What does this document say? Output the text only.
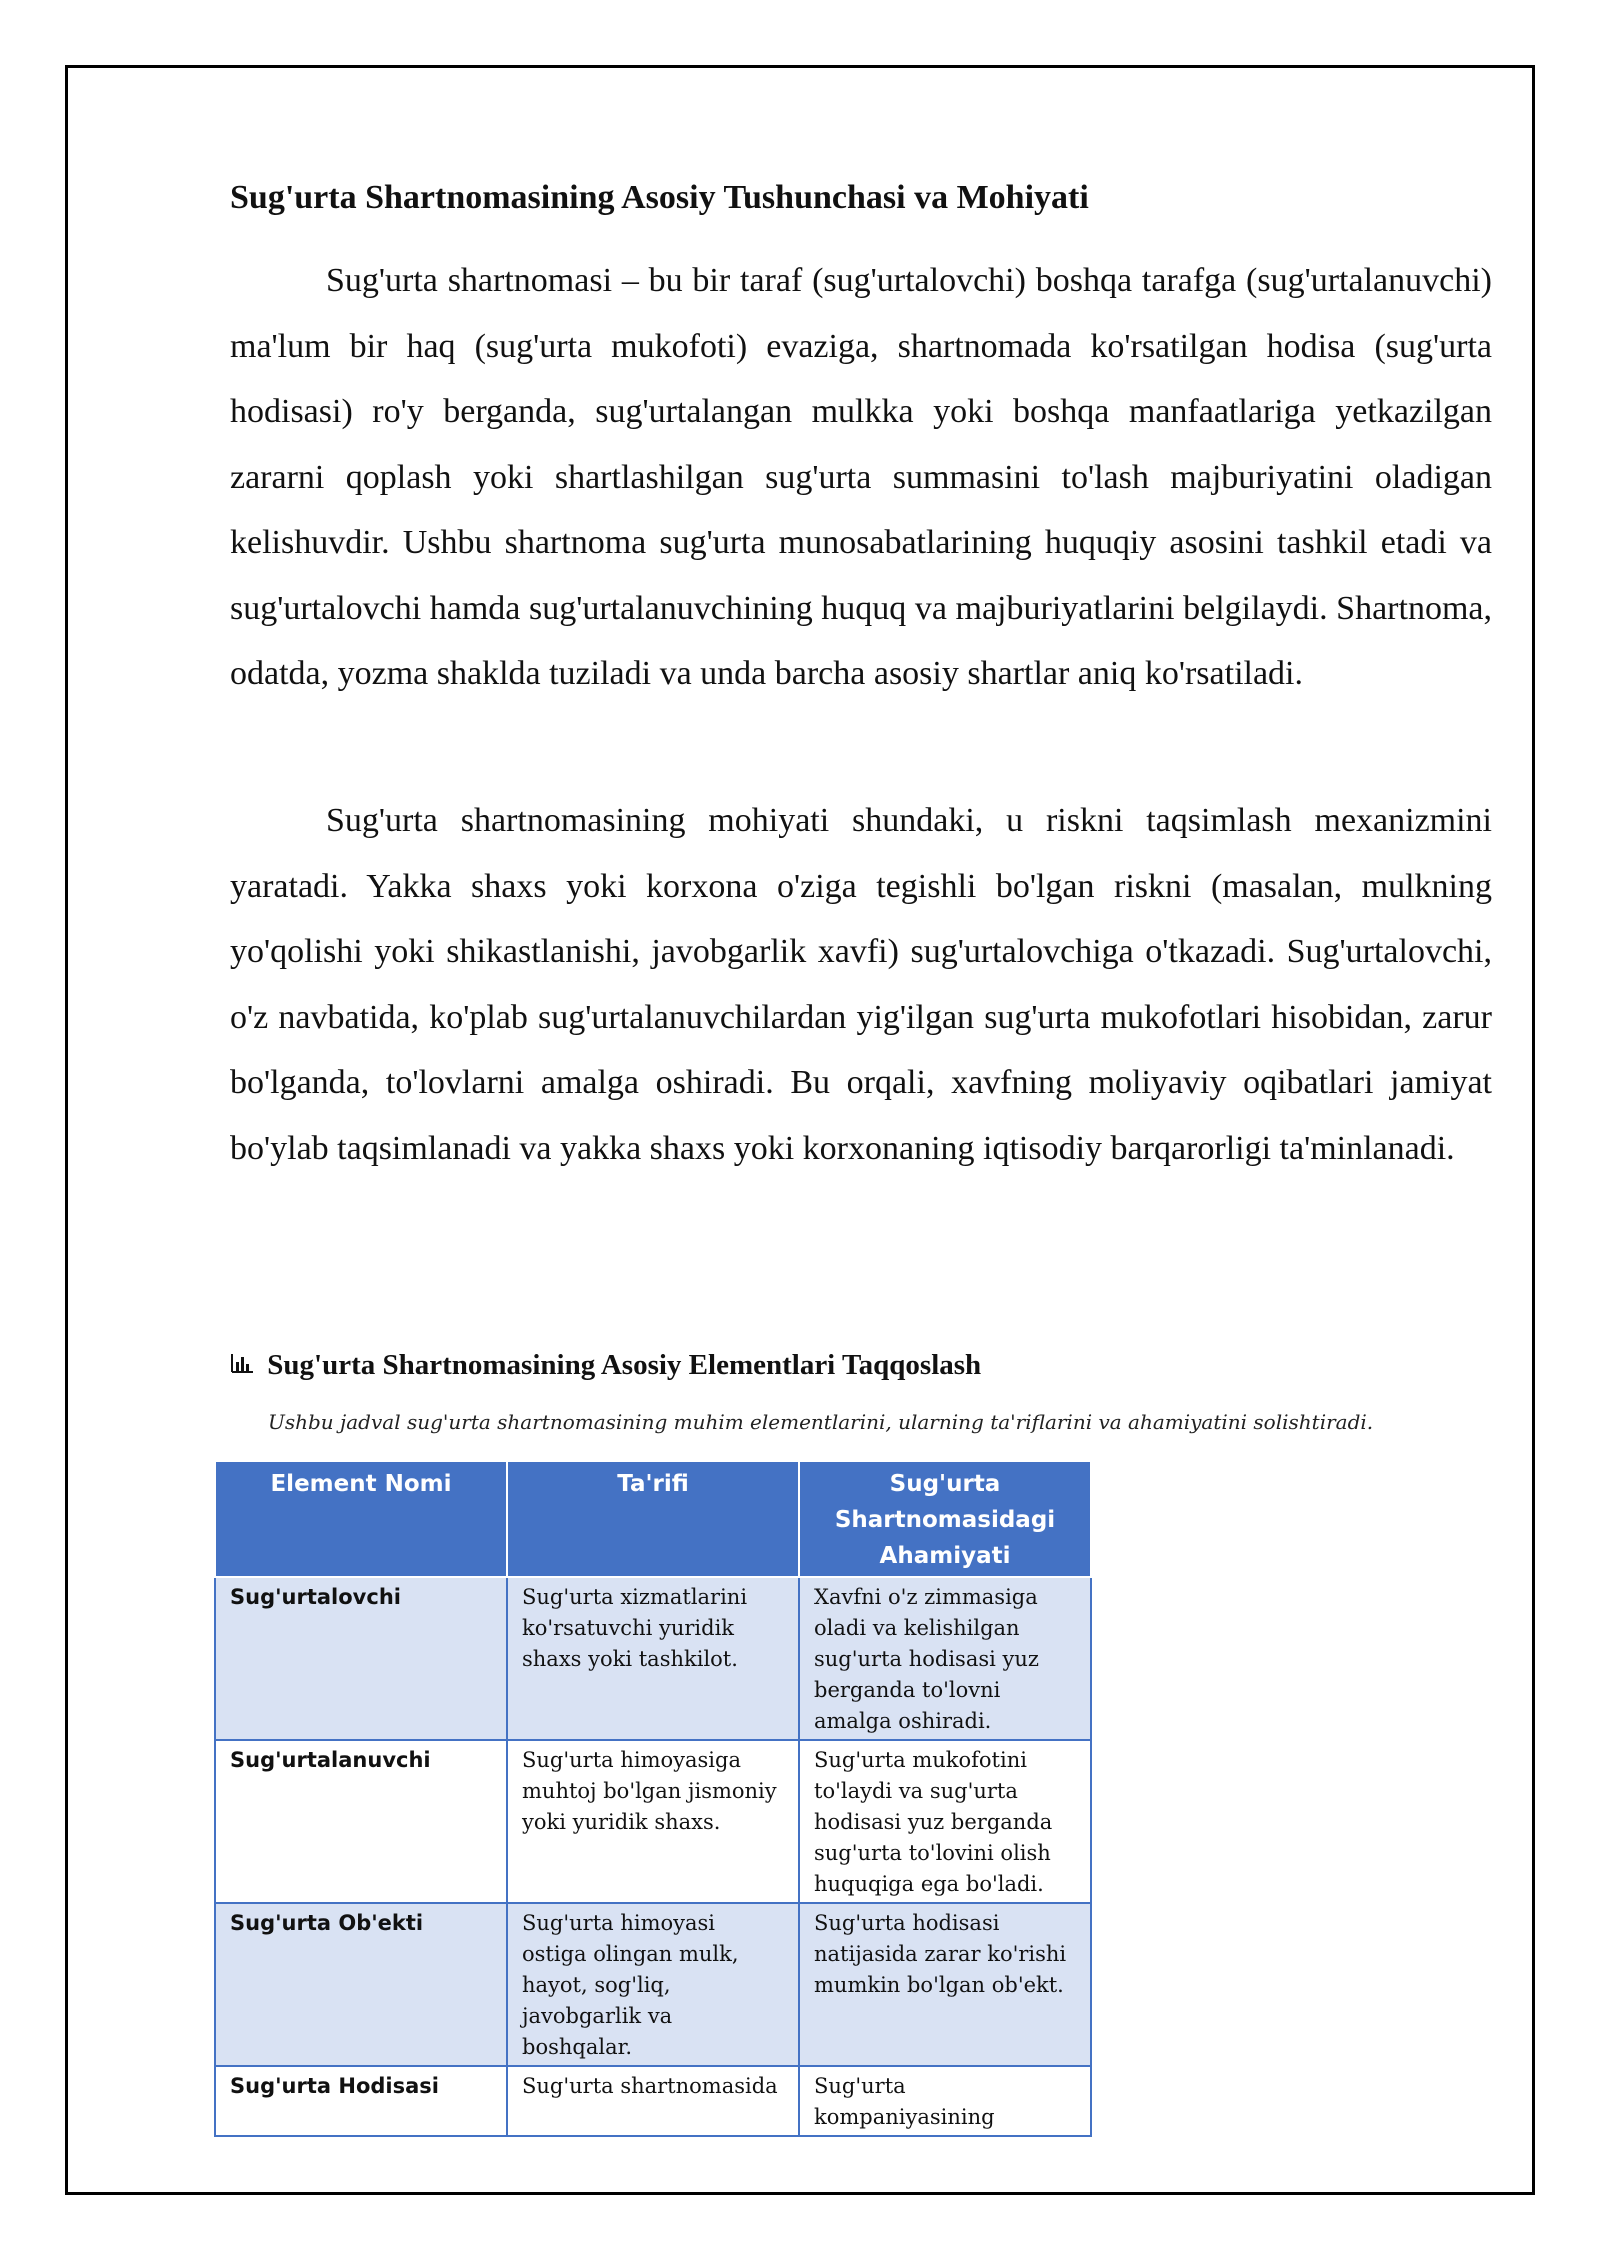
Sug'urta Shartnomasining Asosiy Tushunchasi va Mohiyati

Sug'urta shartnomasi – bu bir taraf (sug'urtalovchi) boshqa tarafga (sug'urtalanuvchi) ma'lum bir haq (sug'urta mukofoti) evaziga, shartnomada ko'rsatilgan hodisa (sug'urta hodisasi) ro'y berganda, sug'urtalangan mulkka yoki boshqa manfaatlariga yetkazilgan zararni qoplash yoki shartlashilgan sug'urta summasini to'lash majburiyatini oladigan kelishuvdir. Ushbu shartnoma sug'urta munosabatlarining huquqiy asosini tashkil etadi va sug'urtalovchi hamda sug'urtalanuvchining huquq va majburiyatlarini belgilaydi. Shartnoma, odatda, yozma shaklda tuziladi va unda barcha asosiy shartlar aniq ko'rsatiladi.

Sug'urta shartnomasining mohiyati shundaki, u riskni taqsimlash mexanizmini yaratadi. Yakka shaxs yoki korxona o'ziga tegishli bo'lgan riskni (masalan, mulkning yo'qolishi yoki shikastlanishi, javobgarlik xavfi) sug'urtalovchiga o'tkazadi. Sug'urtalovchi, o'z navbatida, ko'plab sug'urtalanuvchilardan yig'ilgan sug'urta mukofotlari hisobidan, zarur bo'lganda, to'lovlarni amalga oshiradi. Bu orqali, xavfning moliyaviy oqibatlari jamiyat bo'ylab taqsimlanadi va yakka shaxs yoki korxonaning iqtisodiy barqarorligi ta'minlanadi.

Sug'urta Shartnomasining Asosiy Elementlari Taqqoslash

Ushbu jadval sug'urta shartnomasining muhim elementlarini, ularning ta'riflarini va ahamiyatini solishtiradi.

Element Nomi	Ta'rifi	Sug'urta Shartnomasidagi Ahamiyati
Sug'urtalovchi	Sug'urta xizmatlarini ko'rsatuvchi yuridik shaxs yoki tashkilot.	Xavfni o'z zimmasiga oladi va kelishilgan sug'urta hodisasi yuz berganda to'lovni amalga oshiradi.
Sug'urtalanuvchi	Sug'urta himoyasiga muhtoj bo'lgan jismoniy yoki yuridik shaxs.	Sug'urta mukofotini to'laydi va sug'urta hodisasi yuz berganda sug'urta to'lovini olish huquqiga ega bo'ladi.
Sug'urta Ob'ekti	Sug'urta himoyasi ostiga olingan mulk, hayot, sog'liq, javobgarlik va boshqalar.	Sug'urta hodisasi natijasida zarar ko'rishi mumkin bo'lgan ob'ekt.
Sug'urta Hodisasi	Sug'urta shartnomasida	Sug'urta kompaniyasining
